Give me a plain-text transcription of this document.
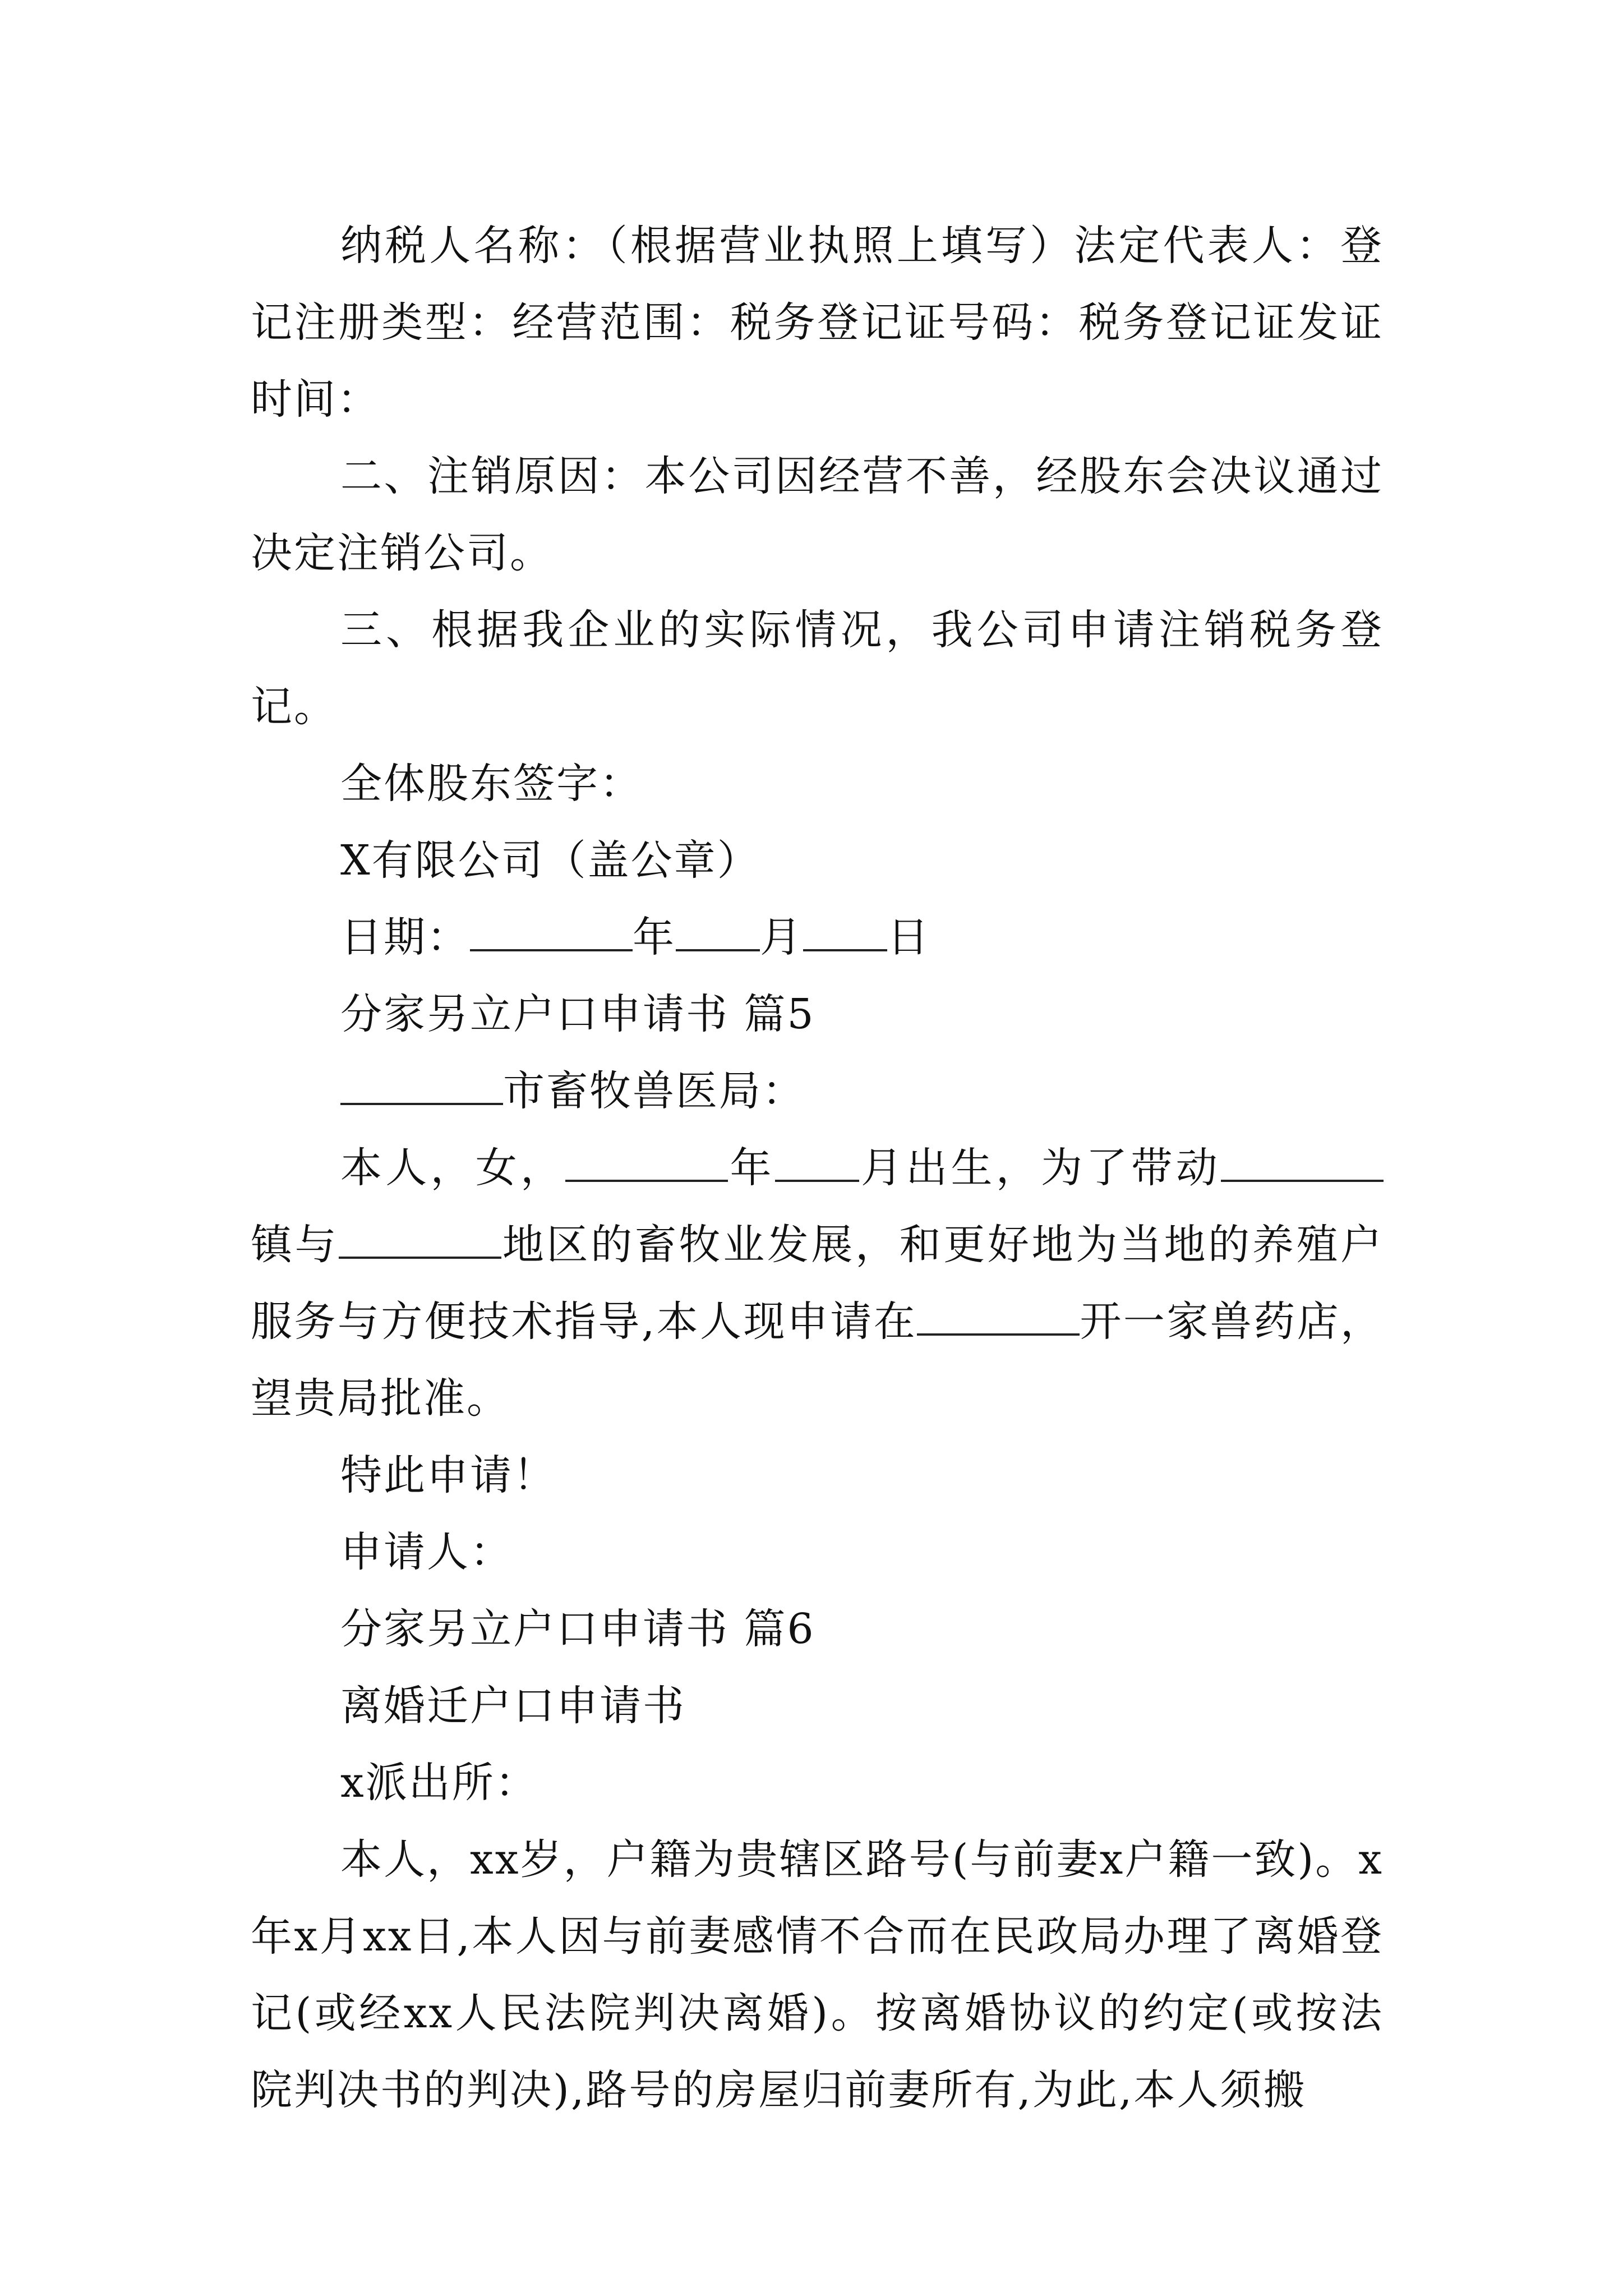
纳税人名称：（根据营业执照上填写）法定代表人：登记注册类型：经营范围：税务登记证号码：税务登记证发证时间：

二、注销原因：本公司因经营不善，经股东会决议通过决定注销公司。

三、根据我企业的实际情况，我公司申请注销税务登记。

全体股东签字：

X有限公司（盖公章）

日期：	年 月 日

分家另立户口申请书 篇5

市畜牧兽医局：

本人，女，	年 月出生，为了带动镇与	地区的畜牧业发展，和更好地为当地的养殖户服务与方便技术指导,本人现申请在	开一家兽药店，望贵局批准。

特此申请！

申请人：

分家另立户口申请书 篇6

离婚迁户口申请书

x派出所：

本人，xx岁，户籍为贵辖区路号(与前妻x户籍一致)。x年x月xx日,本人因与前妻感情不合而在民政局办理了离婚登记(或经xx人民法院判决离婚)。按离婚协议的约定(或按法院判决书的判决),路号的房屋归前妻所有,为此,本人须搬
